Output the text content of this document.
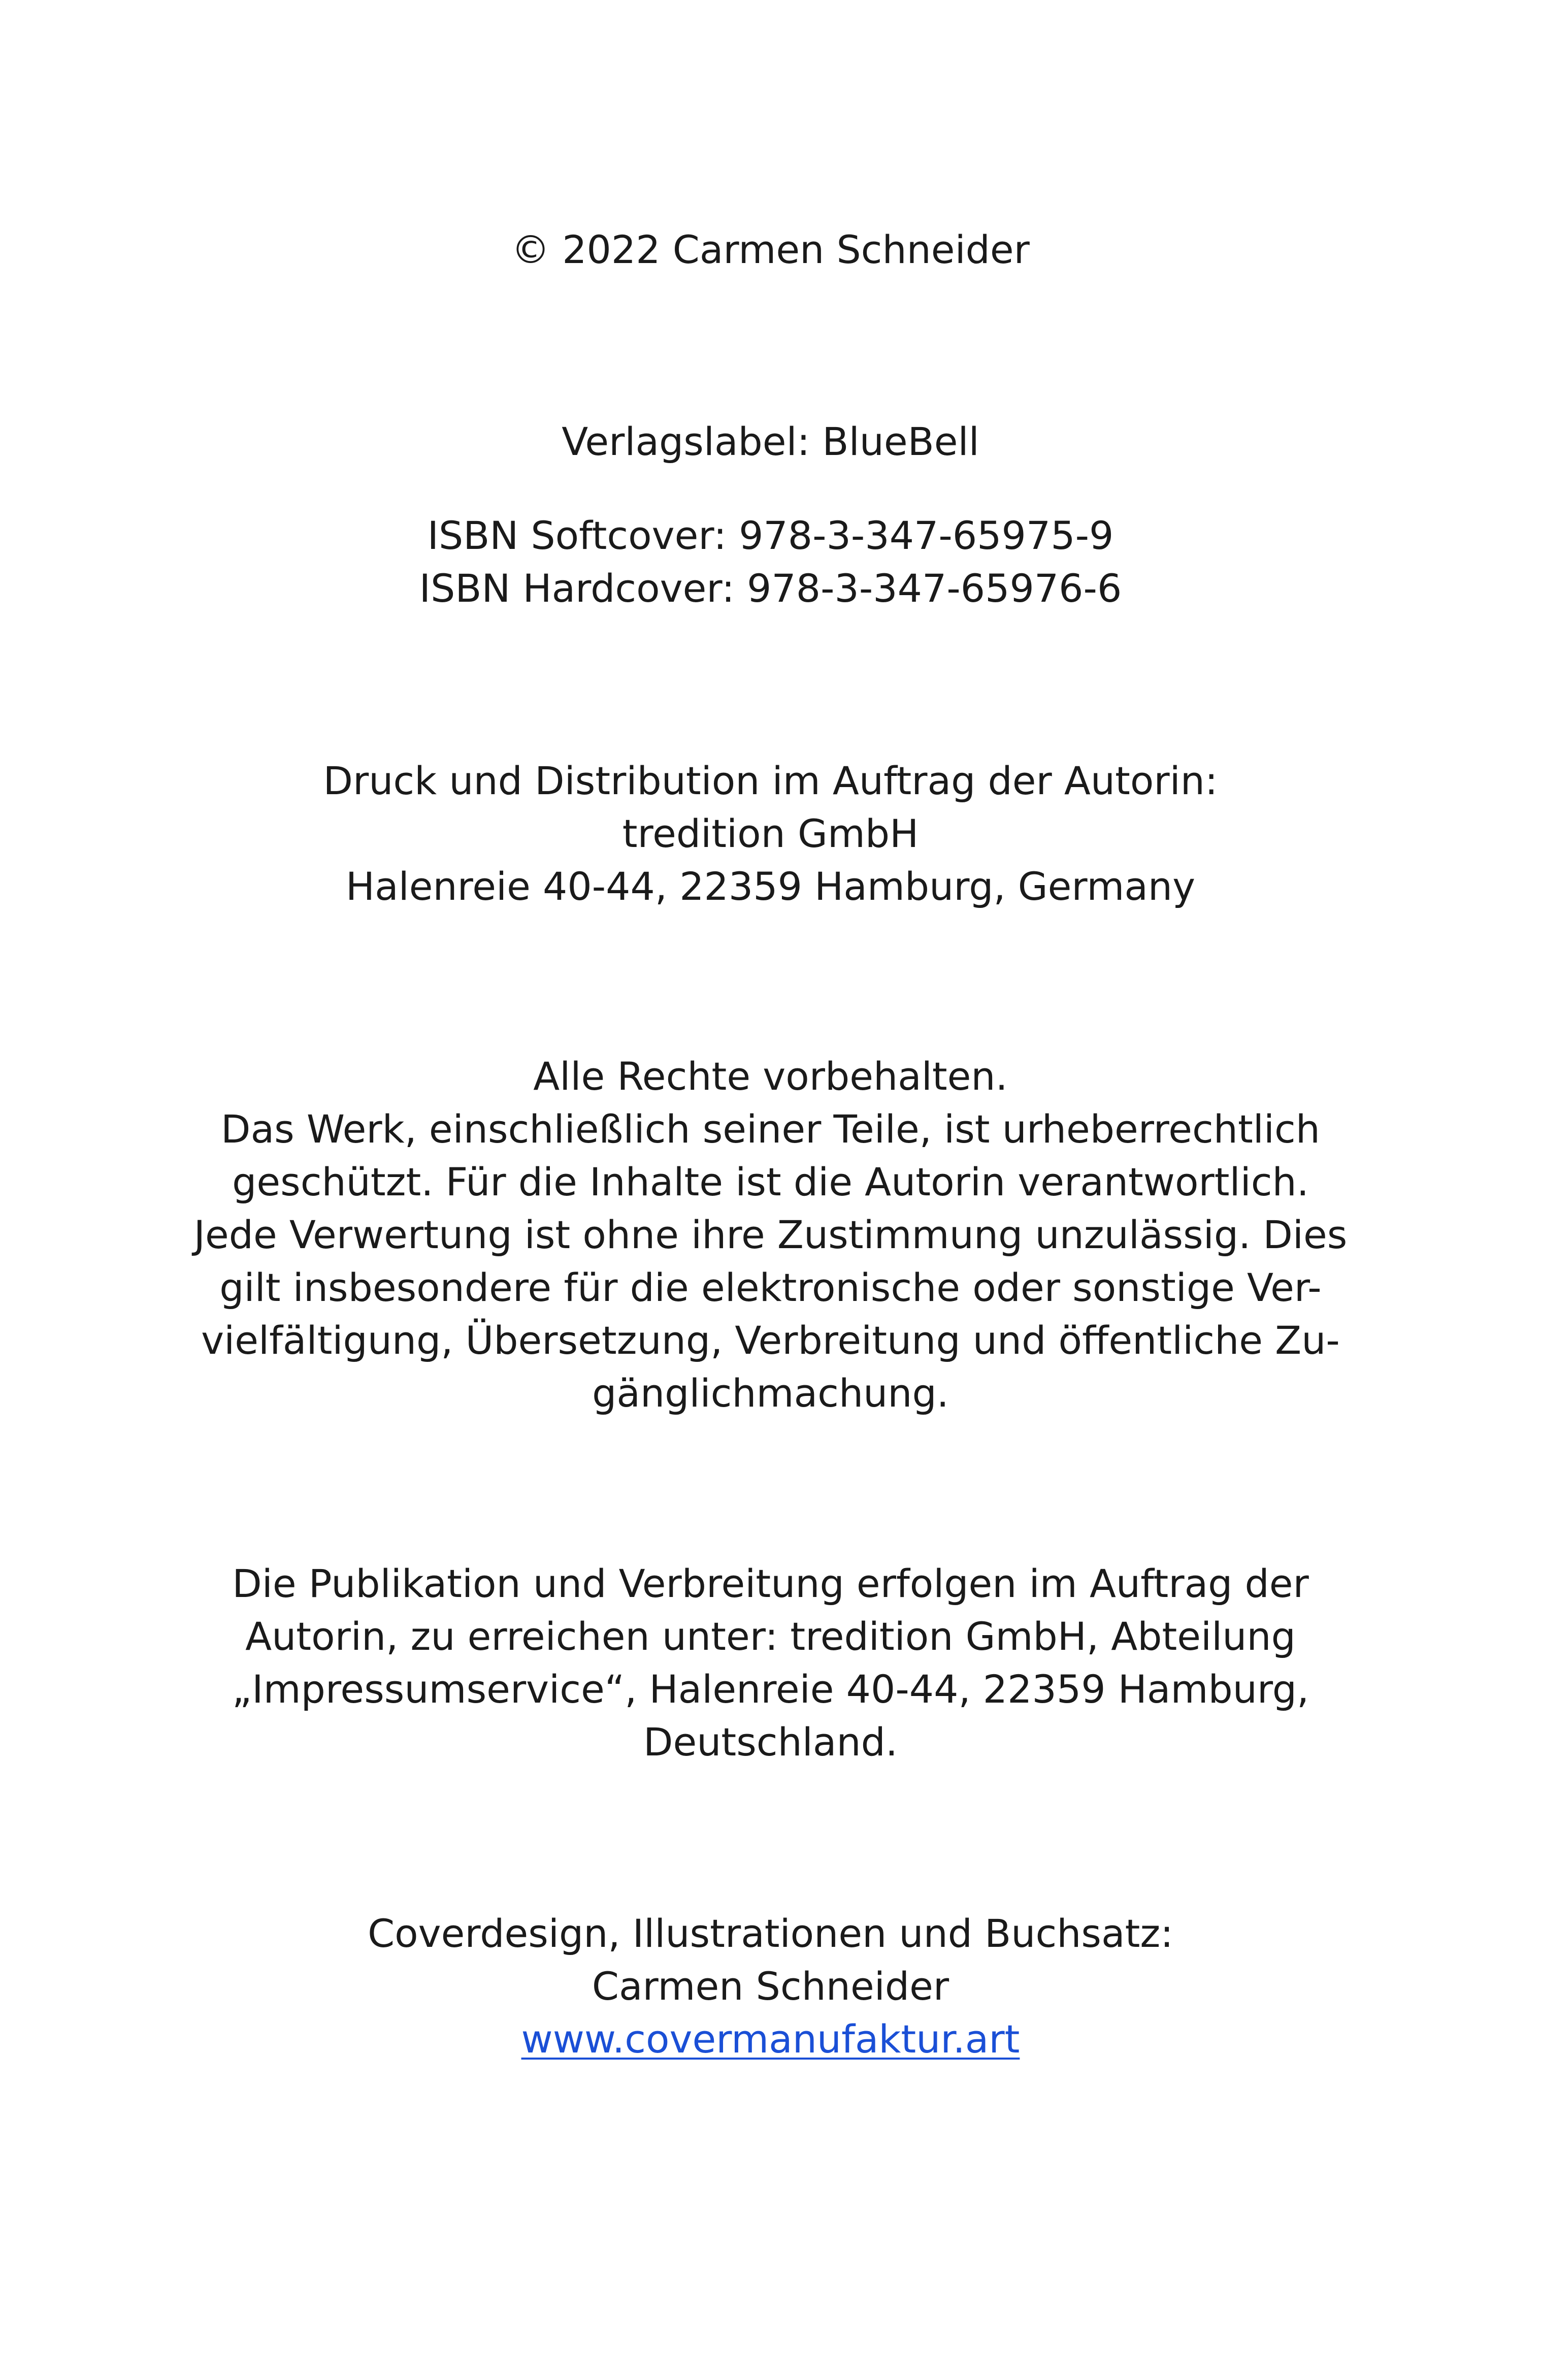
© 2022 Carmen Schneider
Verlagslabel: BlueBell
ISBN Softcover: 978-3-347-65975-9
ISBN Hardcover: 978-3-347-65976-6
Druck und Distribution im Auftrag der Autorin:
tredition GmbH
Halenreie 40-44, 22359 Hamburg, Germany
Alle Rechte vorbehalten.
Das Werk, einschließlich seiner Teile, ist urheberrechtlich
geschützt. Für die Inhalte ist die Autorin verantwortlich.
Jede Verwertung ist ohne ihre Zustimmung unzulässig. Dies
gilt insbesondere für die elektronische oder sonstige Ver-
vielfältigung, Übersetzung, Verbreitung und öffentliche Zu-
gänglichmachung.
Die Publikation und Verbreitung erfolgen im Auftrag der
Autorin, zu erreichen unter: tredition GmbH, Abteilung
„Impressumservice“, Halenreie 40-44, 22359 Hamburg,
Deutschland.
Coverdesign, Illustrationen und Buchsatz:
Carmen Schneider
www.covermanufaktur.art
